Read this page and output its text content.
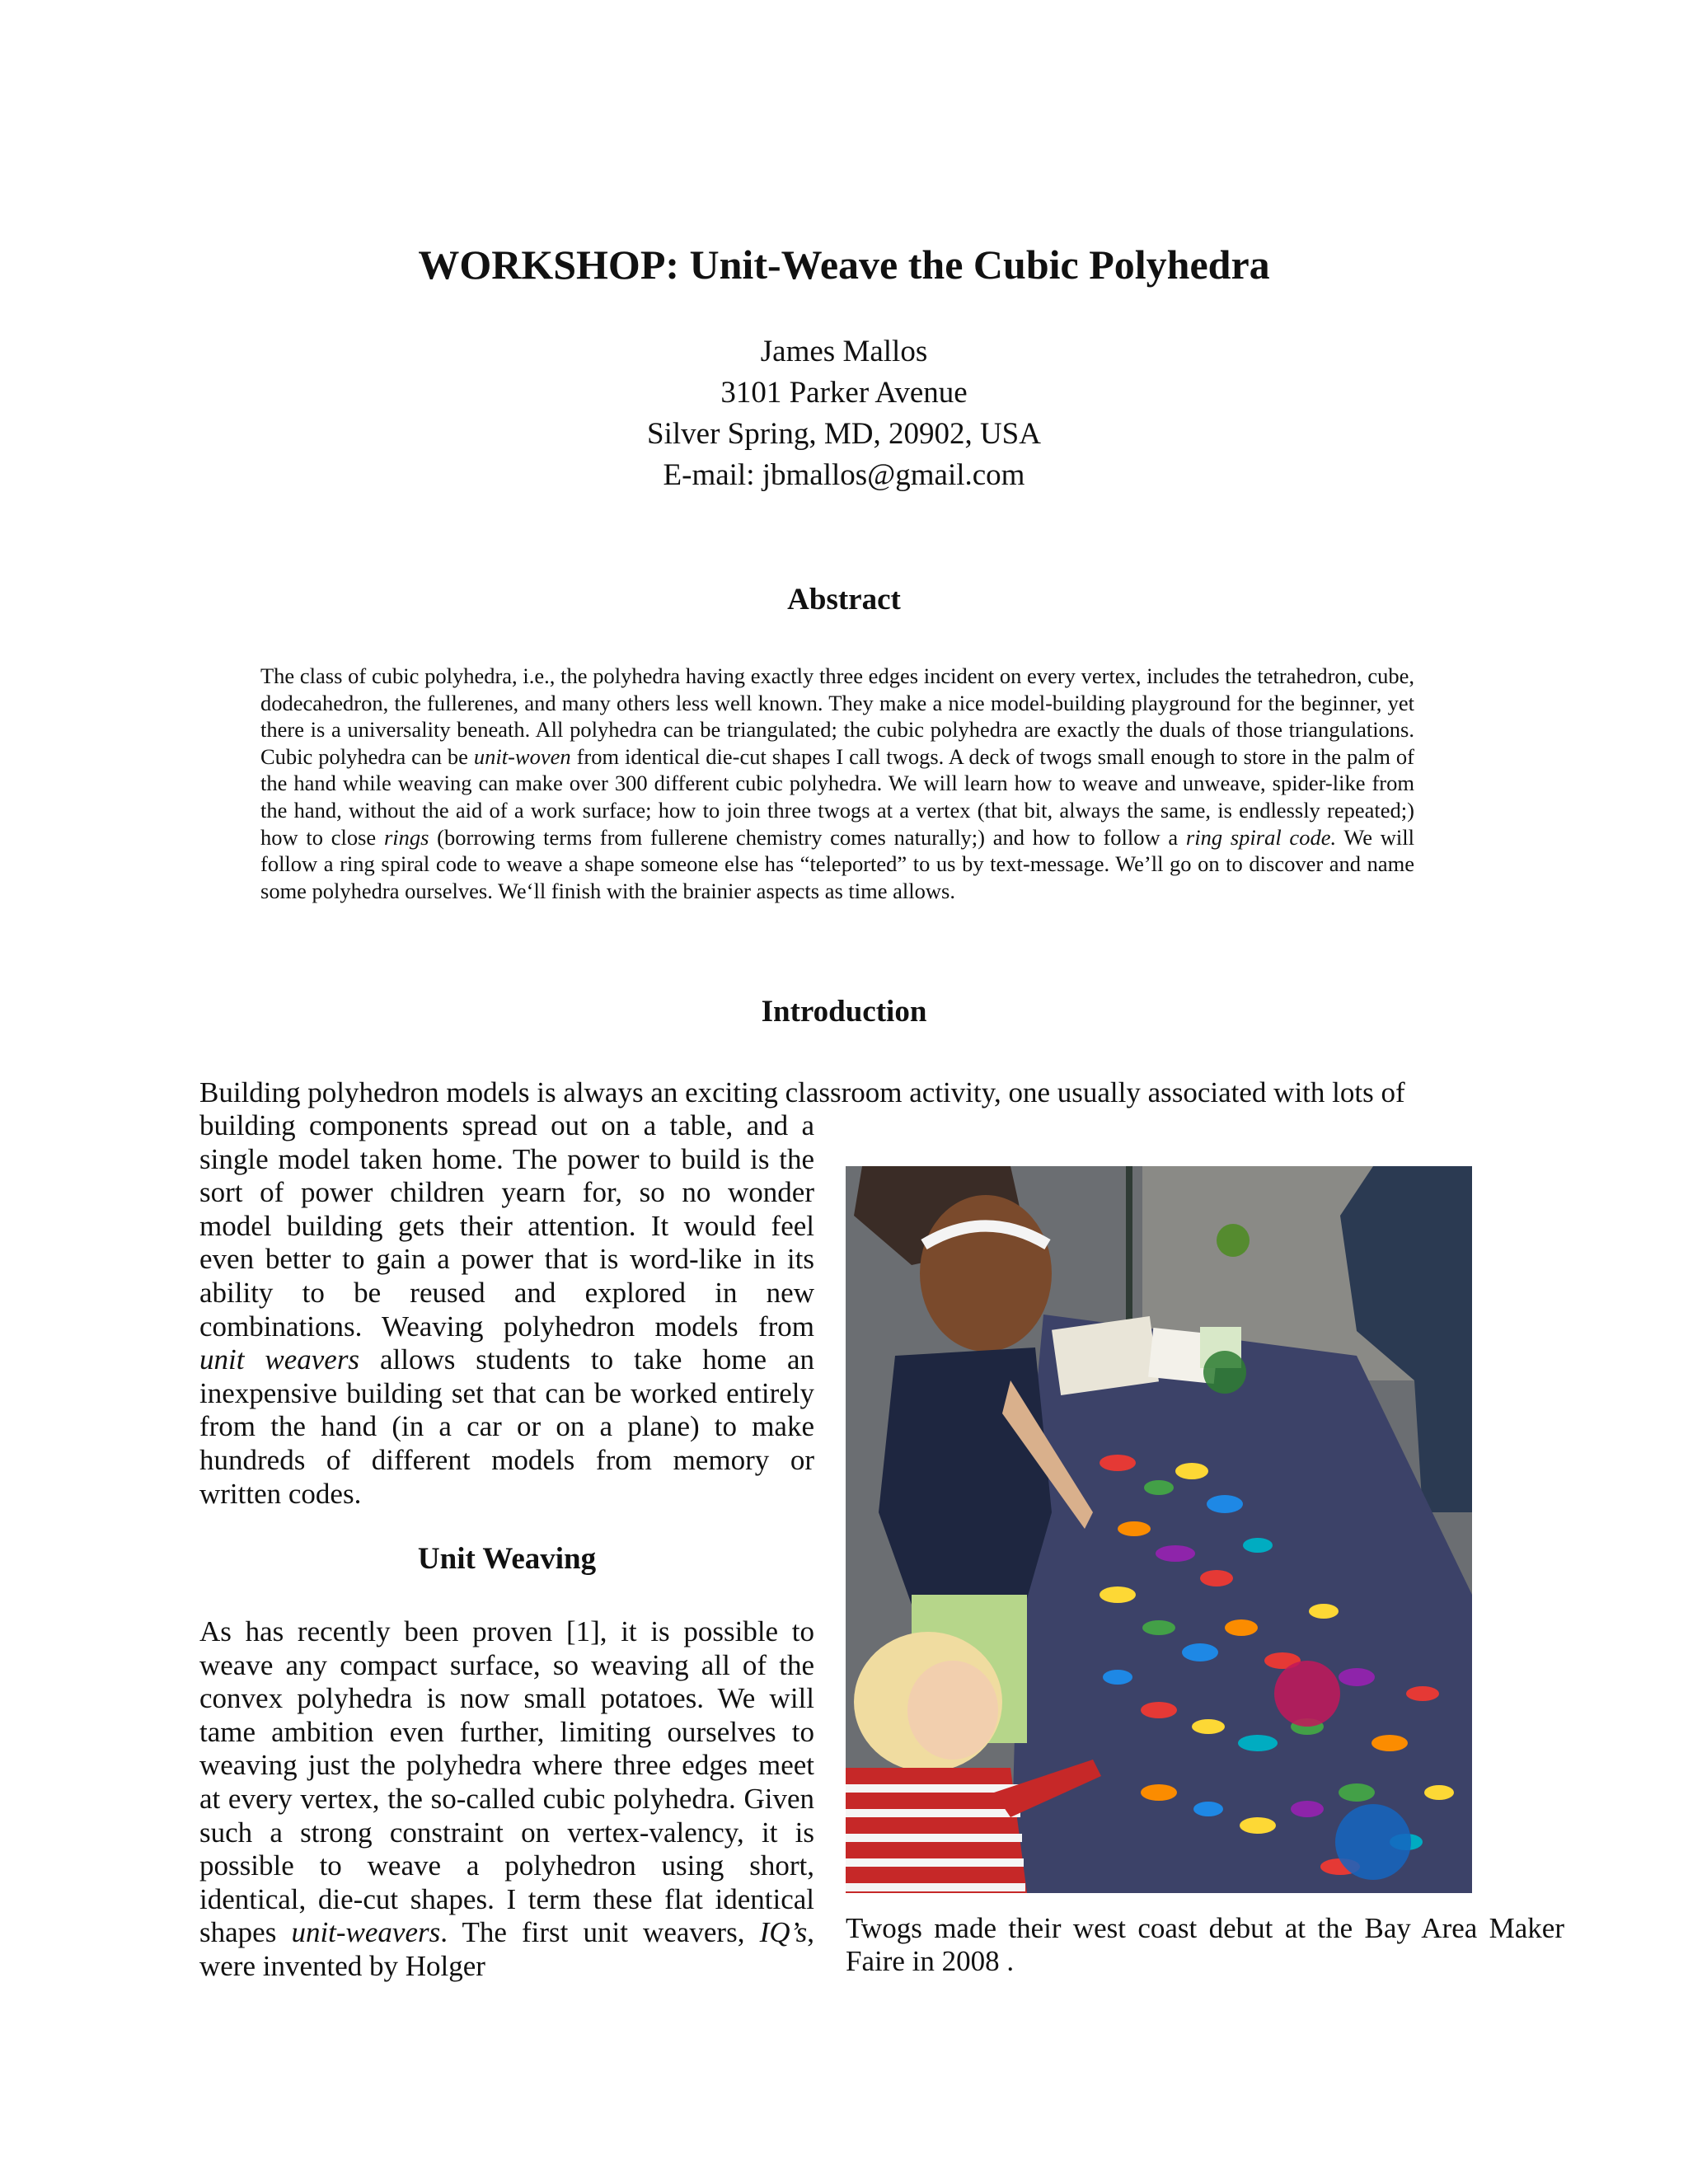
WORKSHOP: Unit-Weave the Cubic Polyhedra
James Mallos
3101 Parker Avenue
Silver Spring, MD, 20902, USA
E-mail: jbmallos@gmail.com
Abstract

The class of cubic polyhedra, i.e., the polyhedra having exactly three edges incident on every vertex, includes the tetrahedron, cube, dodecahedron, the fullerenes, and many others less well known. They make a nice model-building playground for the beginner, yet there is a universality beneath. All polyhedra can be triangulated; the cubic polyhedra are exactly the duals of those triangulations. Cubic polyhedra can be unit-woven from identical die-cut shapes I call twogs. A deck of twogs small enough to store in the palm of the hand while weaving can make over 300 different cubic polyhedra. We will learn how to weave and unweave, spider-like from the hand, without the aid of a work surface; how to join three twogs at a vertex (that bit, always the same, is endlessly repeated;) how to close rings (borrowing terms from fullerene chemistry comes naturally;) and how to follow a ring spiral code. We will follow a ring spiral code to weave a shape someone else has “teleported” to us by text-message. We’ll go on to discover and name some polyhedra ourselves. We‘ll finish with the brainier aspects as time allows.

Introduction

Building polyhedron models is always an exciting classroom activity, one usually associated with lots of

building components spread out on a table, and a single model taken home. The power to build is the sort of power children yearn for, so no wonder model building gets their attention. It would feel even better to gain a power that is word-like in its ability to be reused and explored in new combinations. Weaving polyhedron models from unit weavers allows students to take home an inexpensive building set that can be worked entirely from the hand (in a car or on a plane) to make hundreds of different models from memory or written codes.

Unit Weaving

As has recently been proven [1], it is possible to weave any compact surface, so weaving all of the convex polyhedra is now small potatoes. We will tame ambition even further, limiting ourselves to weaving just the polyhedra where three edges meet at every vertex, the so-called cubic polyhedra. Given such a strong constraint on vertex-valency, it is possible to weave a polyhedron using short, identical, die-cut shapes. I term these flat identical shapes unit-weavers. The first unit weavers, IQ’s, were invented by Holger

Twogs made their west coast debut at the Bay Area Maker Faire in 2008 .
